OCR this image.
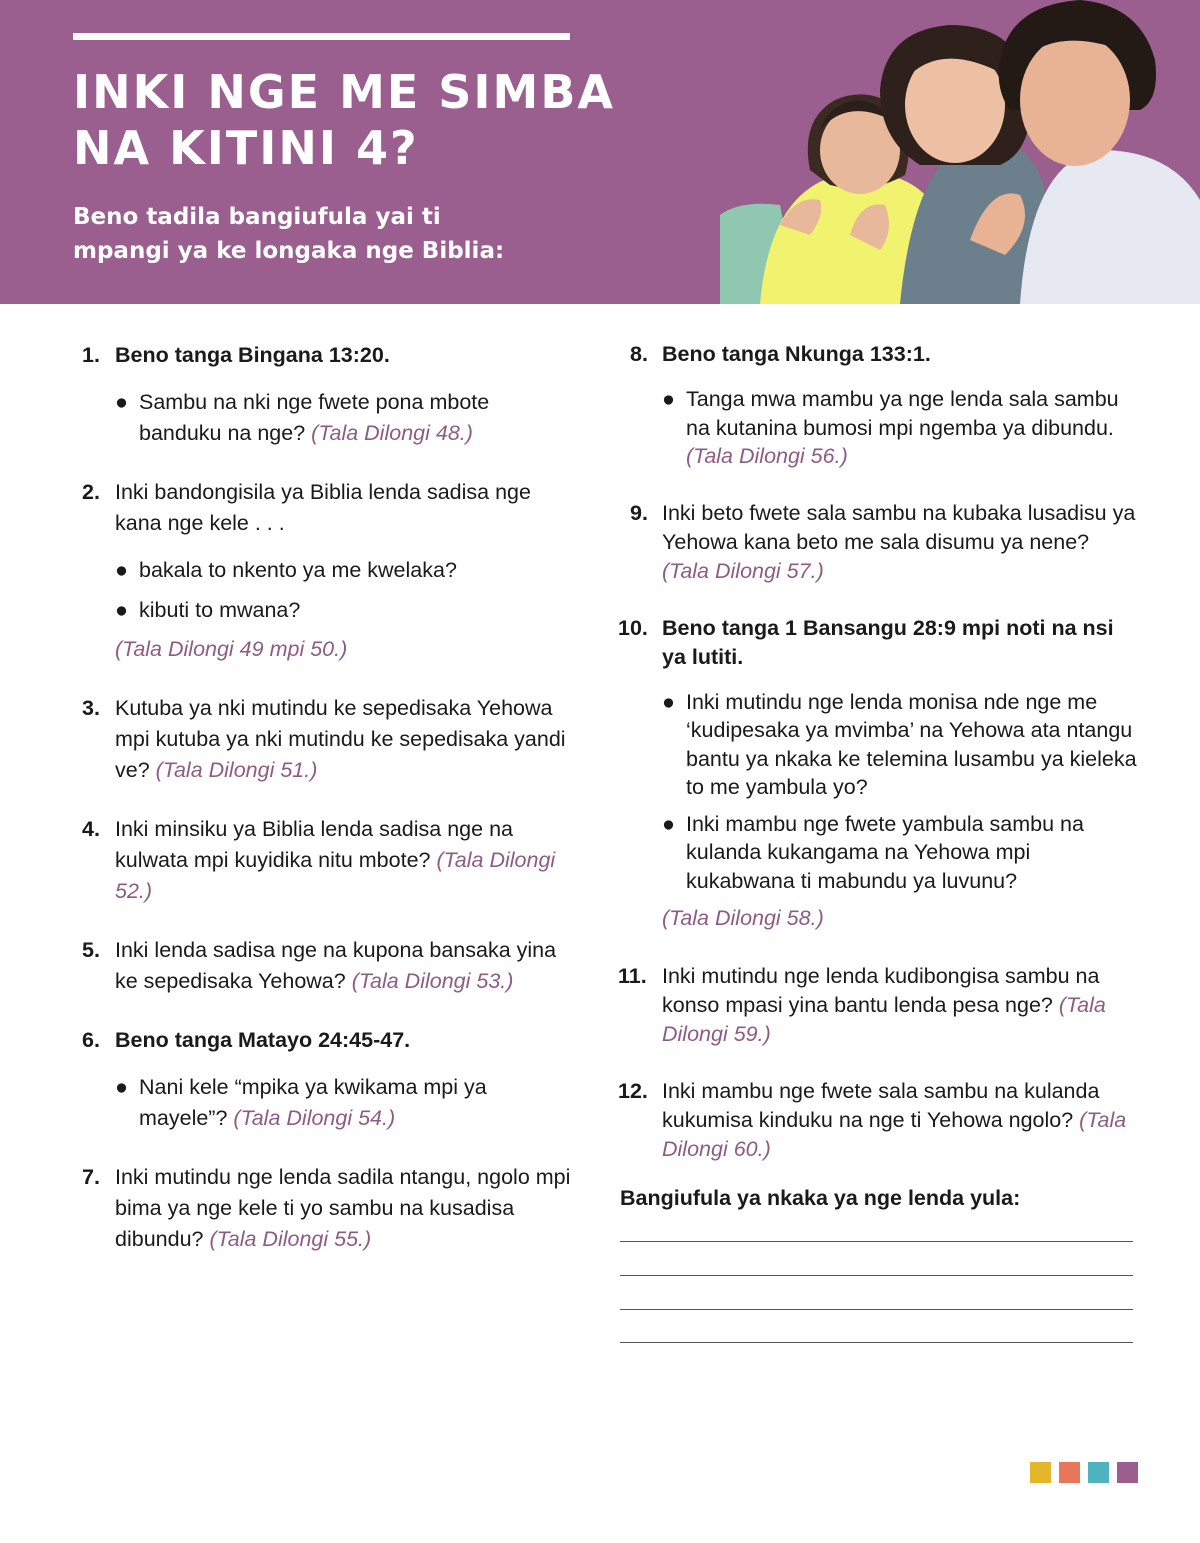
INKI NGE ME SIMBA
NA KITINI 4?
Beno tadila bangiufula yai ti
mpangi ya ke longaka nge Biblia:
1. Beno tanga Bingana 13:20.
● Sambu na nki nge fwete pona mbote banduku na nge? (Tala Dilongi 48.)
2. Inki bandongisila ya Biblia lenda sadisa nge kana nge kele . . .
● bakala to nkento ya me kwelaka?
● kibuti to mwana?
(Tala Dilongi 49 mpi 50.)
3. Kutuba ya nki mutindu ke sepedisaka Yehowa mpi kutuba ya nki mutindu ke sepedisaka yandi ve? (Tala Dilongi 51.)
4. Inki minsiku ya Biblia lenda sadisa nge na kulwata mpi kuyidika nitu mbote? (Tala Dilongi 52.)
5. Inki lenda sadisa nge na kupona bansaka yina ke sepedisaka Yehowa? (Tala Dilongi 53.)
6. Beno tanga Matayo 24:45-47.
● Nani kele “mpika ya kwikama mpi ya mayele”? (Tala Dilongi 54.)
7. Inki mutindu nge lenda sadila ntangu, ngolo mpi bima ya nge kele ti yo sambu na kusadisa dibundu? (Tala Dilongi 55.)
8. Beno tanga Nkunga 133:1.
● Tanga mwa mambu ya nge lenda sala sambu na kutanina bumosi mpi ngemba ya dibundu. (Tala Dilongi 56.)
9. Inki beto fwete sala sambu na kubaka lusadisu ya Yehowa kana beto me sala disumu ya nene? (Tala Dilongi 57.)
10. Beno tanga 1 Bansangu 28:9 mpi noti na nsi ya lutiti.
● Inki mutindu nge lenda monisa nde nge me ‘kudipesaka ya mvimba’ na Yehowa ata ntangu bantu ya nkaka ke telemina lusambu ya kieleka to me yambula yo?
● Inki mambu nge fwete yambula sambu na kulanda kukangama na Yehowa mpi kukabwana ti mabundu ya luvunu?
(Tala Dilongi 58.)
11. Inki mutindu nge lenda kudibongisa sambu na konso mpasi yina bantu lenda pesa nge? (Tala Dilongi 59.)
12. Inki mambu nge fwete sala sambu na kulanda kukumisa kinduku na nge ti Yehowa ngolo? (Tala Dilongi 60.)
Bangiufula ya nkaka ya nge lenda yula:
